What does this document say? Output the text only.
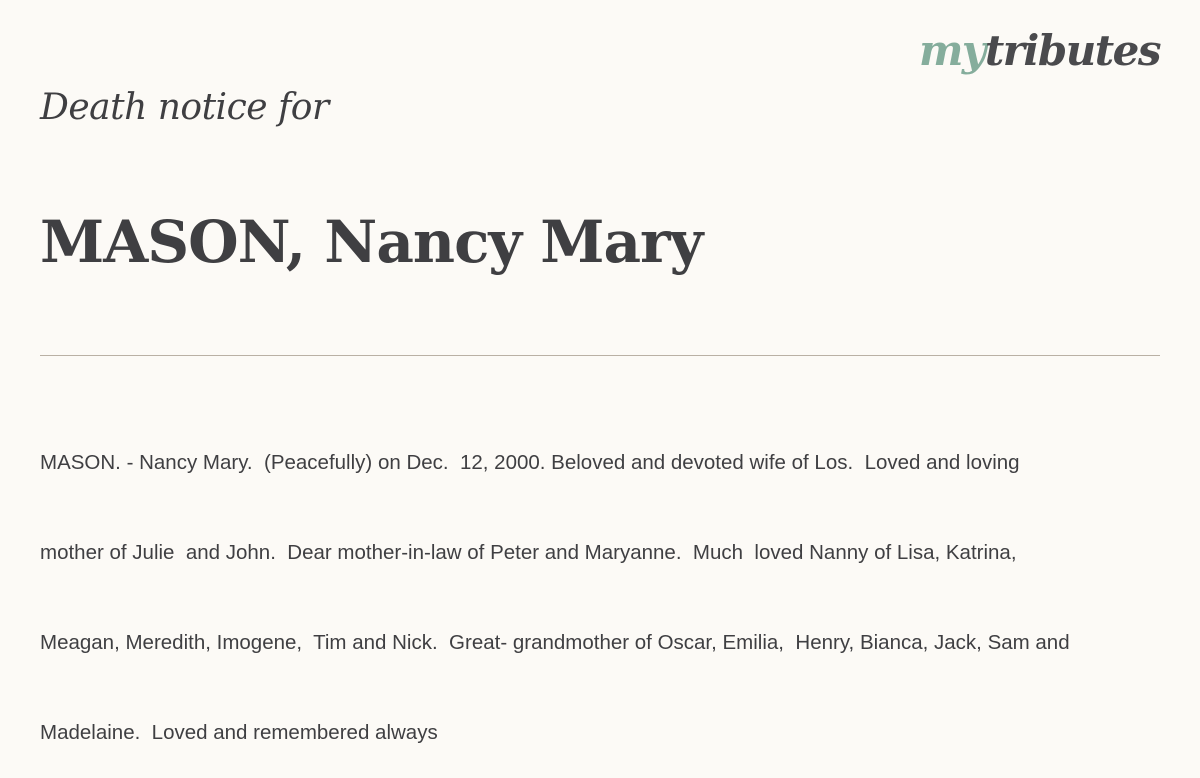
mytributes
Death notice for
MASON, Nancy Mary

MASON. - Nancy Mary.  (Peacefully) on Dec.  12, 2000. Beloved and devoted wife of Los.  Loved and loving

mother of Julie  and John.  Dear mother-in-law of Peter and Maryanne.  Much  loved Nanny of Lisa, Katrina,

Meagan, Meredith, Imogene,  Tim and Nick.  Great- grandmother of Oscar, Emilia,  Henry, Bianca, Jack, Sam and

Madelaine.  Loved and remembered always
